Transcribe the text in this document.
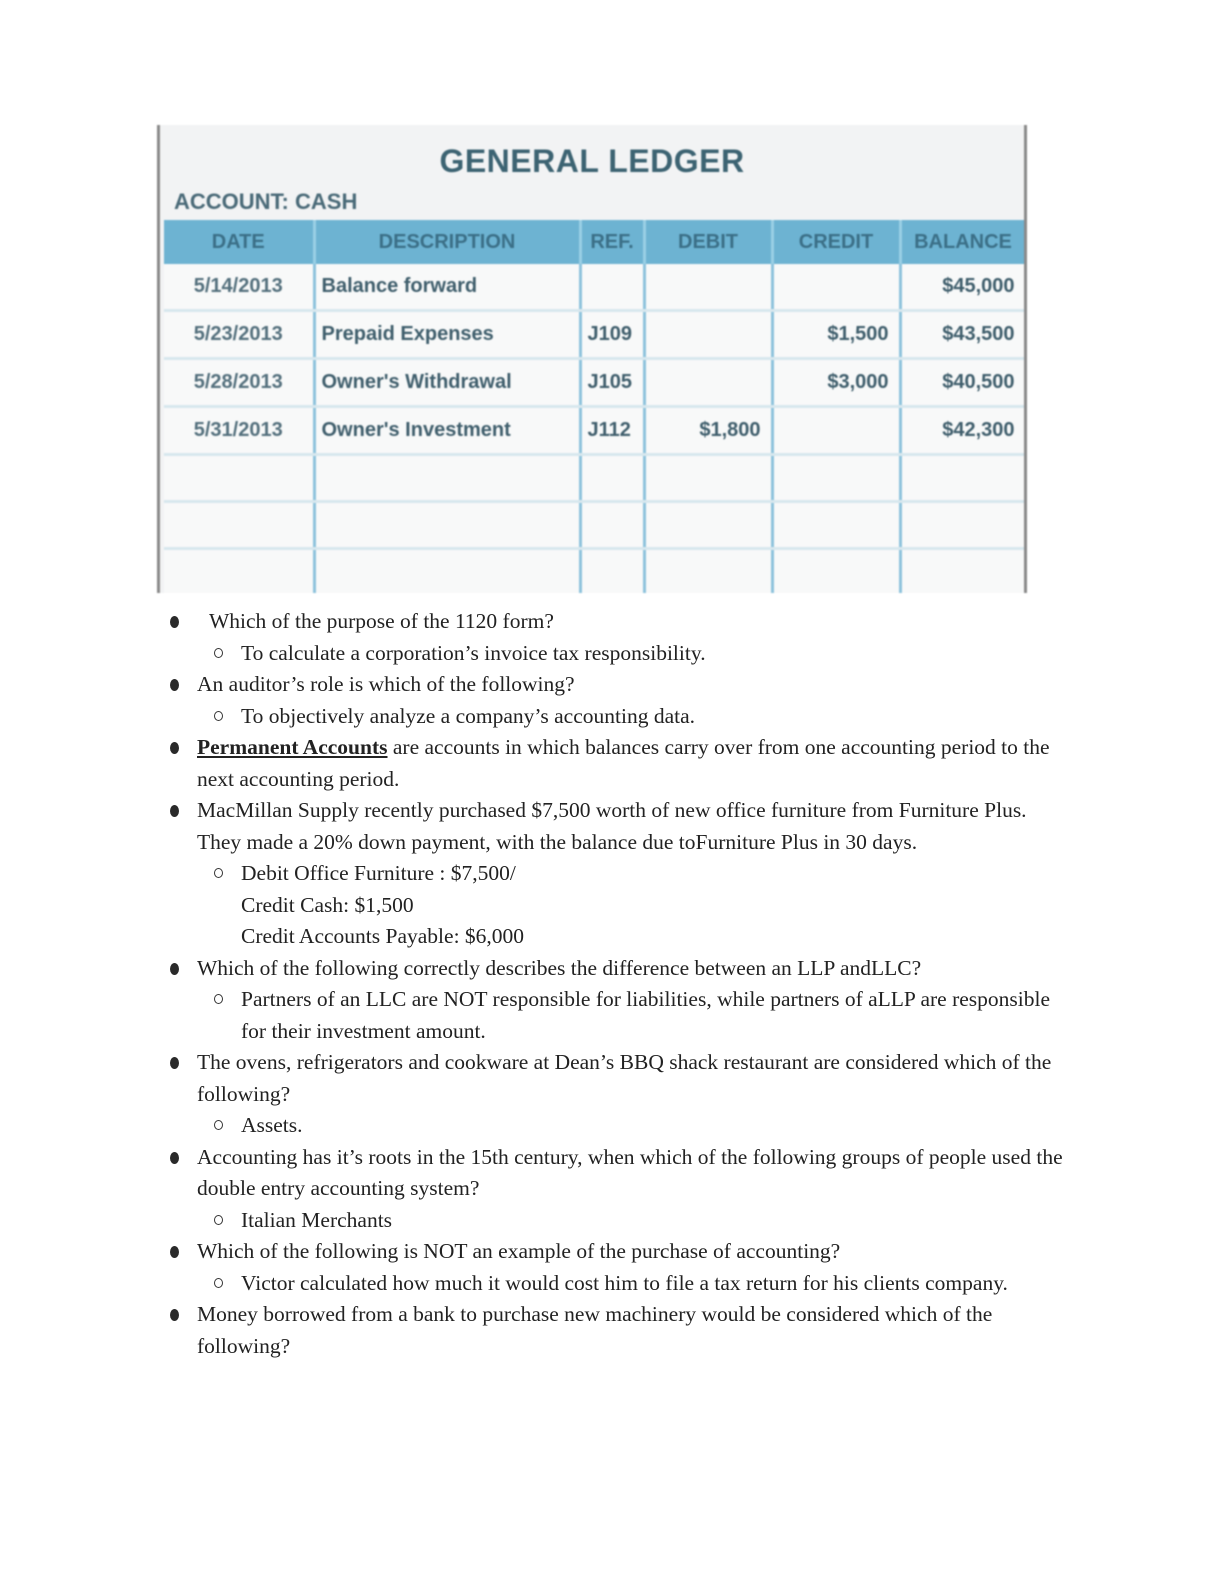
GENERAL LEDGER
ACCOUNT: CASH
DATE	DESCRIPTION	REF.	DEBIT	CREDIT	BALANCE
5/14/2013	Balance forward				$45,000
5/23/2013	Prepaid Expenses	J109		$1,500	$43,500
5/28/2013	Owner's Withdrawal	J105		$3,000	$40,500
5/31/2013	Owner's Investment	J112	$1,800		$42,300

Which of the purpose of the 1120 form?
To calculate a corporation’s invoice tax responsibility.
An auditor’s role is which of the following?
To objectively analyze a company’s accounting data.
Permanent Accounts are accounts in which balances carry over from one accounting period to the next accounting period.
MacMillan Supply recently purchased $7,500 worth of new office furniture from Furniture Plus. They made a 20% down payment, with the balance due toFurniture Plus in 30 days.
Debit Office Furniture : $7,500/
Credit Cash: $1,500
Credit Accounts Payable: $6,000
Which of the following correctly describes the difference between an LLP andLLC?
Partners of an LLC are NOT responsible for liabilities, while partners of aLLP are responsible for their investment amount.
The ovens, refrigerators and cookware at Dean’s BBQ shack restaurant are considered which of the following?
Assets.
Accounting has it’s roots in the 15th century, when which of the following groups of people used the double entry accounting system?
Italian Merchants
Which of the following is NOT an example of the purchase of accounting?
Victor calculated how much it would cost him to file a tax return for his clients company.
Money borrowed from a bank to purchase new machinery would be considered which of the following?
